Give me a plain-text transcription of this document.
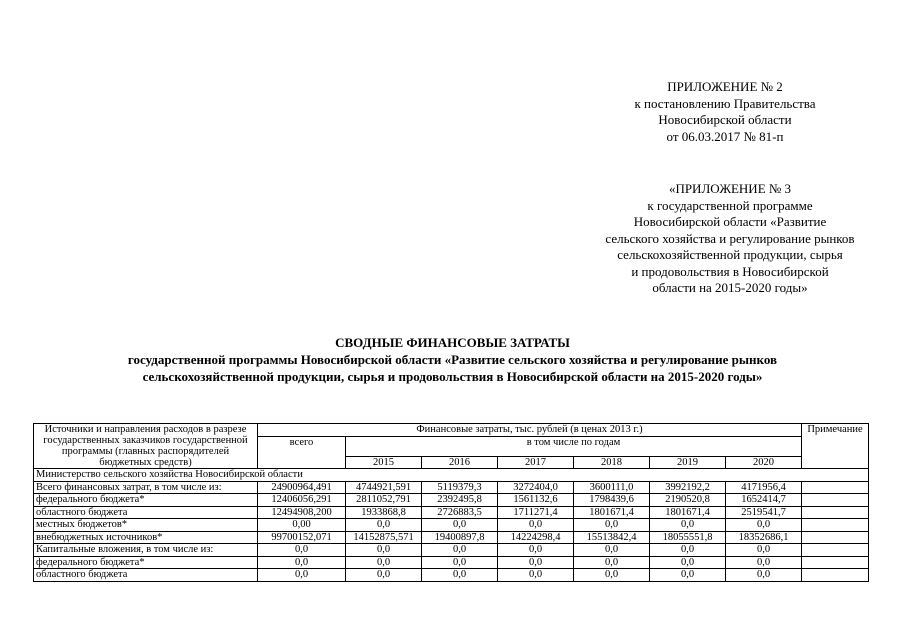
ПРИЛОЖЕНИЕ № 2
к постановлению Правительства
Новосибирской области
от 06.03.2017 № 81-п
«ПРИЛОЖЕНИЕ № 3
к государственной программе
Новосибирской области «Развитие
сельского хозяйства и регулирование рынков
сельскохозяйственной продукции, сырья
и продовольствия в Новосибирской
области на 2015-2020 годы»
СВОДНЫЕ ФИНАНСОВЫЕ ЗАТРАТЫ
государственной программы Новосибирской области «Развитие сельского хозяйства и регулирование рынков
сельскохозяйственной продукции, сырья и продовольствия в Новосибирской области на 2015-2020 годы»
Источники и направления расходов в разрезе государственных заказчиков государственной программы (главных распорядителей бюджетных средств)	Финансовые затраты, тыс. рублей (в ценах 2013 г.)							Примечание
	всего	в том числе по годам						
		2015	2016	2017	2018	2019	2020	
Министерство сельского хозяйства Новосибирской области								
Всего финансовых затрат, в том числе из:	24900964,491	4744921,591	5119379,3	3272404,0	3600111,0	3992192,2	4171956,4	
федерального бюджета*	12406056,291	2811052,791	2392495,8	1561132,6	1798439,6	2190520,8	1652414,7	
областного бюджета	12494908,200	1933868,8	2726883,5	1711271,4	1801671,4	1801671,4	2519541,7	
местных бюджетов*	0,00	0,0	0,0	0,0	0,0	0,0	0,0	
внебюджетных источников*	99700152,071	14152875,571	19400897,8	14224298,4	15513842,4	18055551,8	18352686,1	
Капитальные вложения, в том числе из:	0,0	0,0	0,0	0,0	0,0	0,0	0,0	
федерального бюджета*	0,0	0,0	0,0	0,0	0,0	0,0	0,0	
областного бюджета	0,0	0,0	0,0	0,0	0,0	0,0	0,0	
